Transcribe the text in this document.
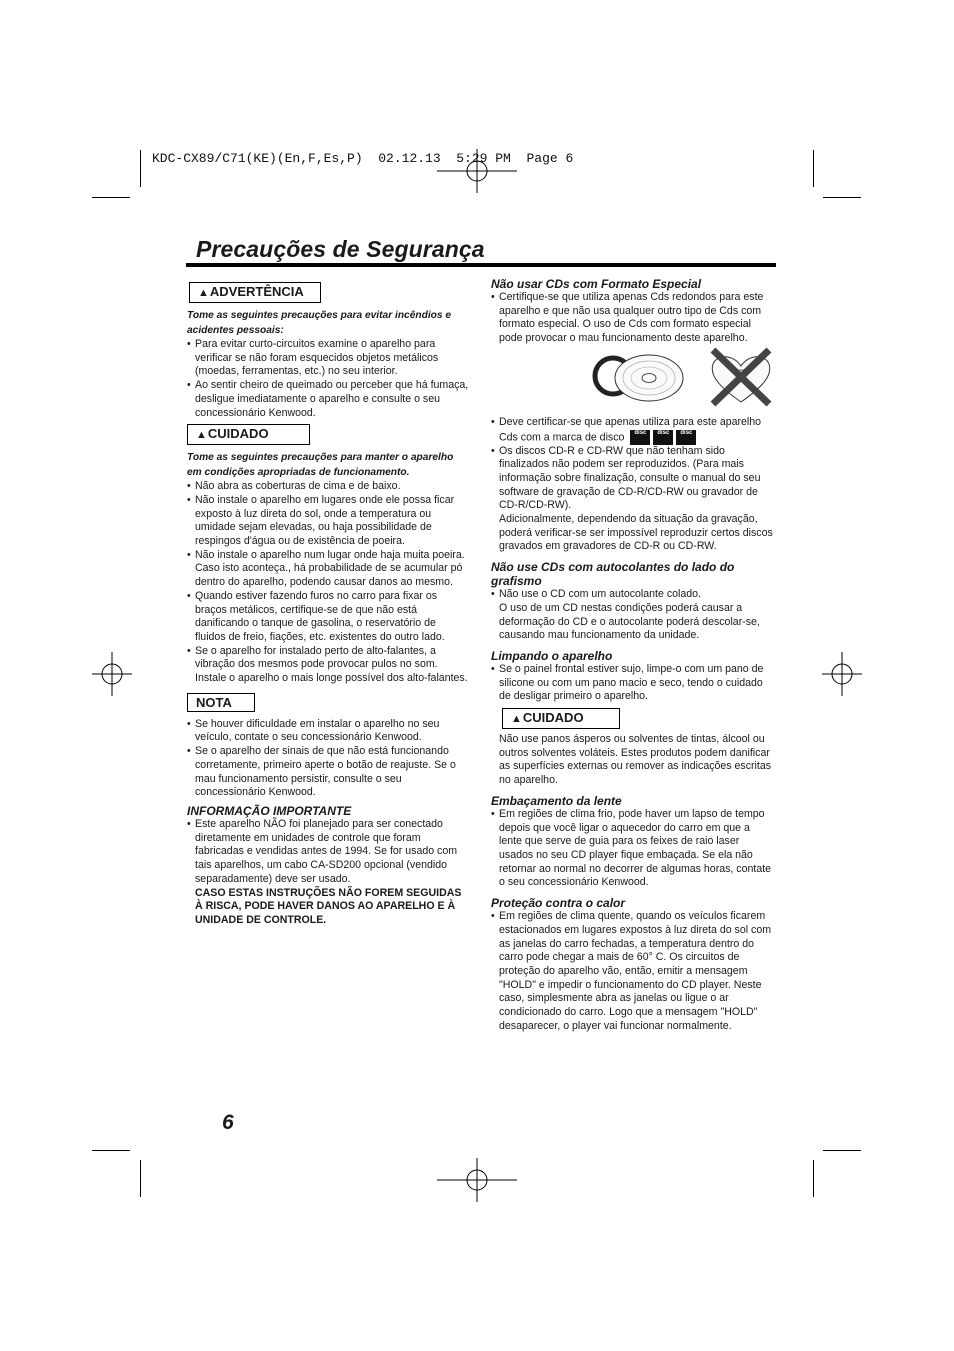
KDC-CX89/C71(KE)(En,F,Es,P)  02.12.13  5:29 PM  Page 6
Precauções de Segurança
▲ADVERTÊNCIA

Tome as seguintes precauções para evitar incêndios e acidentes pessoais:

• Para evitar curto-circuitos examine o aparelho para verificar se não foram esquecidos objetos metálicos (moedas, ferramentas, etc.) no seu interior.
• Ao sentir cheiro de queimado ou perceber que há fumaça, desligue imediatamente o aparelho e consulte o seu concessionário Kenwood.
▲CUIDADO

Tome as seguintes precauções para manter o aparelho em condições apropriadas de funcionamento.

• Não abra as coberturas de cima e de baixo.
• Não instale o aparelho em lugares onde ele possa ficar exposto à luz direta do sol, onde a temperatura ou umidade sejam elevadas, ou haja possibilidade de respingos d'água ou de existência de poeira.
• Não instale o aparelho num lugar onde haja muita poeira. Caso isto aconteça., há probabilidade de se acumular pó dentro do aparelho, podendo causar danos ao mesmo.
• Quando estiver fazendo furos no carro para fixar os braços metálicos, certifique-se de que não está danificando o tanque de gasolina, o reservatório de fluidos de freio, fiações, etc. existentes do outro lado.
• Se o aparelho for instalado perto de alto-falantes, a vibração dos mesmos pode provocar pulos no som. Instale o aparelho o mais longe possível dos alto-falantes.
NOTA
• Se houver dificuldade em instalar o aparelho no seu veículo, contate o seu concessionário Kenwood.
• Se o aparelho der sinais de que não está funcionando corretamente, primeiro aperte o botão de reajuste. Se o mau funcionamento persistir, consulte o seu concessionário Kenwood.

INFORMAÇÃO IMPORTANTE

• Este aparelho NÃO foi planejado para ser conectado diretamente em unidades de controle que foram fabricadas e vendidas antes de 1994. Se for usado com tais aparelhos, um cabo CA-SD200 opcional (vendido separadamente) deve ser usado.

CASO ESTAS INSTRUÇÕES NÃO FOREM SEGUIDAS À RISCA, PODE HAVER DANOS AO APARELHO E À UNIDADE DE CONTROLE.

Não usar CDs com Formato Especial

• Certifique-se que utiliza apenas Cds redondos para este aparelho e que não usa qualquer outro tipo de Cds com formato especial. O uso de Cds com formato especial pode provocar o mau funcionamento deste aparelho.
• Deve certificar-se que apenas utiliza para este aparelho Cds com a marca de disco disc disc disc
• Os discos CD-R e CD-RW que não tenham sido finalizados não podem ser reproduzidos. (Para mais informação sobre finalização, consulte o manual do seu software de gravação de CD-R/CD-RW ou gravador de CD-R/CD-RW).

Adicionalmente, dependendo da situação da gravação, poderá verificar-se ser impossível reproduzir certos discos gravados em gravadores de CD-R ou CD-RW.

Não use CDs com autocolantes do lado do grafismo

• Não use o CD com um autocolante colado.

O uso de um CD nestas condições poderá causar a deformação do CD e o autocolante poderá descolar-se, causando mau funcionamento da unidade.

Limpando o aparelho

• Se o painel frontal estiver sujo, limpe-o com um pano de silicone ou com um pano macio e seco, tendo o cuidado de desligar primeiro o aparelho.
▲CUIDADO

Não use panos ásperos ou solventes de tintas, álcool ou outros solventes voláteis. Estes produtos podem danificar as superfícies externas ou remover as indicações escritas no aparelho.

Embaçamento da lente

• Em regiões de clima frio, pode haver um lapso de tempo depois que você ligar o aquecedor do carro em que a lente que serve de guia para os feixes de raio laser usados no seu CD player fique embaçada. Se ela não retornar ao normal no decorrer de algumas horas, contate o seu concessionário Kenwood.

Proteção contra o calor

• Em regiões de clima quente, quando os veículos ficarem estacionados em lugares expostos à luz direta do sol com as janelas do carro fechadas, a temperatura dentro do carro pode chegar a mais de 60° C. Os circuitos de proteção do aparelho vão, então, emitir a mensagem "HOLD" e impedir o funcionamento do CD player. Neste caso, simplesmente abra as janelas ou ligue o ar condicionado do carro. Logo que a mensagem "HOLD" desaparecer, o player vai funcionar normalmente.
6
